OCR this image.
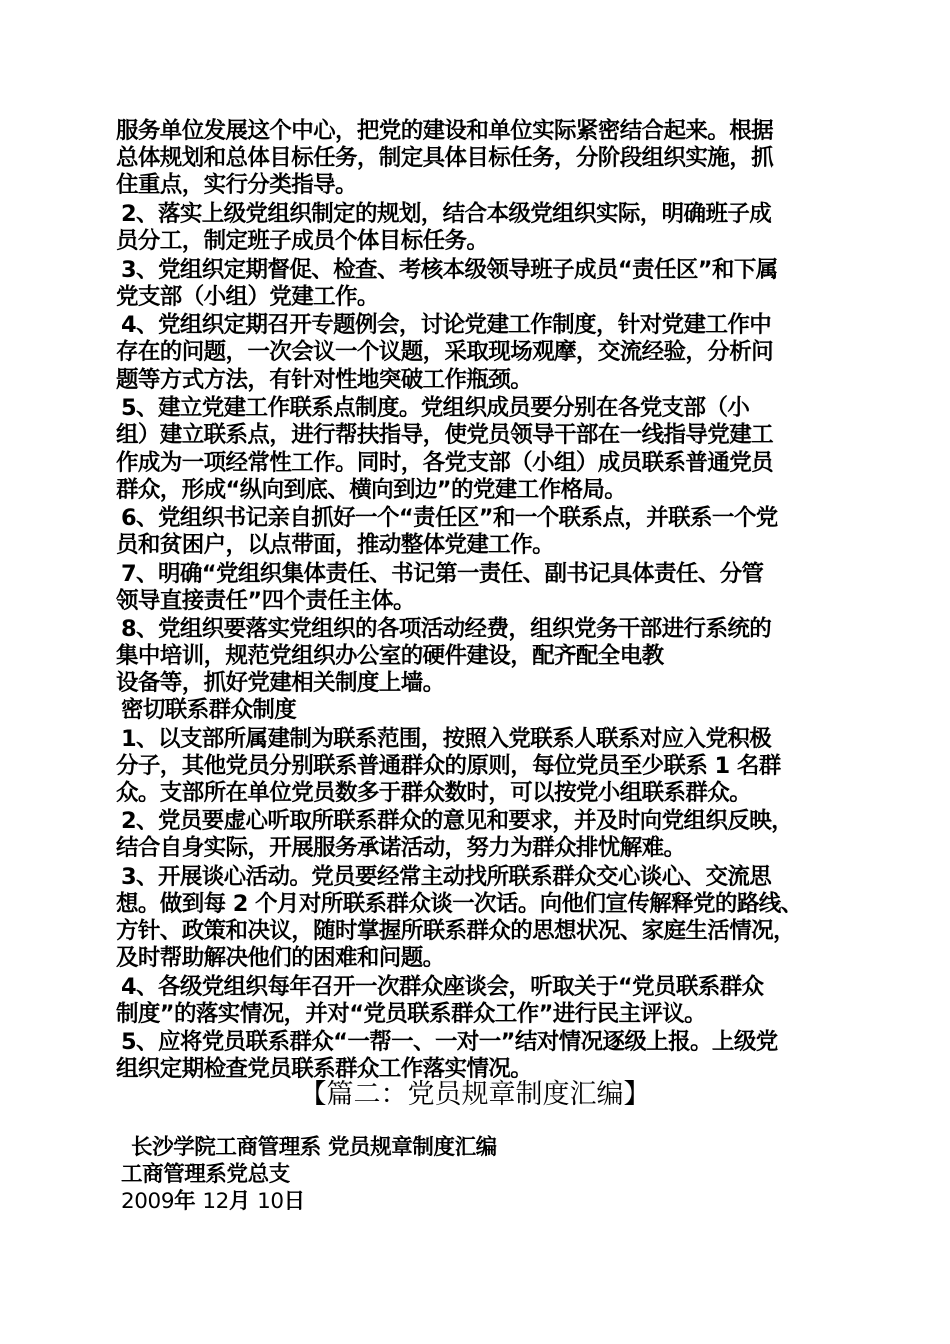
服务单位发展这个中心，把党的建设和单位实际紧密结合起来。根据
总体规划和总体目标任务，制定具体目标任务，分阶段组织实施，抓
住重点，实行分类指导。
2、落实上级党组织制定的规划，结合本级党组织实际，明确班子成
员分工，制定班子成员个体目标任务。
3、党组织定期督促、检查、考核本级领导班子成员“责任区”和下属
党支部（小组）党建工作。
4、党组织定期召开专题例会，讨论党建工作制度，针对党建工作中
存在的问题，一次会议一个议题，采取现场观摩，交流经验，分析问
题等方式方法，有针对性地突破工作瓶颈。
5、建立党建工作联系点制度。党组织成员要分别在各党支部（小
组）建立联系点，进行帮扶指导，使党员领导干部在一线指导党建工
作成为一项经常性工作。同时，各党支部（小组）成员联系普通党员
群众，形成“纵向到底、横向到边”的党建工作格局。
6、党组织书记亲自抓好一个“责任区”和一个联系点，并联系一个党
员和贫困户，以点带面，推动整体党建工作。
7、明确“党组织集体责任、书记第一责任、副书记具体责任、分管
领导直接责任”四个责任主体。
8、党组织要落实党组织的各项活动经费，组织党务干部进行系统的
集中培训，规范党组织办公室的硬件建设，配齐配全电教
设备等，抓好党建相关制度上墙。
密切联系群众制度
1、以支部所属建制为联系范围，按照入党联系人联系对应入党积极
分子，其他党员分别联系普通群众的原则，每位党员至少联系 1 名群
众。支部所在单位党员数多于群众数时，可以按党小组联系群众。
2、党员要虚心听取所联系群众的意见和要求，并及时向党组织反映，
结合自身实际，开展服务承诺活动，努力为群众排忧解难。
3、开展谈心活动。党员要经常主动找所联系群众交心谈心、交流思
想。做到每 2 个月对所联系群众谈一次话。向他们宣传解释党的路线、
方针、政策和决议，随时掌握所联系群众的思想状况、家庭生活情况，
及时帮助解决他们的困难和问题。
4、各级党组织每年召开一次群众座谈会，听取关于“党员联系群众
制度”的落实情况，并对“党员联系群众工作”进行民主评议。
5、应将党员联系群众“一帮一、一对一”结对情况逐级上报。上级党
组织定期检查党员联系群众工作落实情况。
【篇二：党员规章制度汇编】
长沙学院工商管理系 党员规章制度汇编
工商管理系党总支
2009年 12月 10日
